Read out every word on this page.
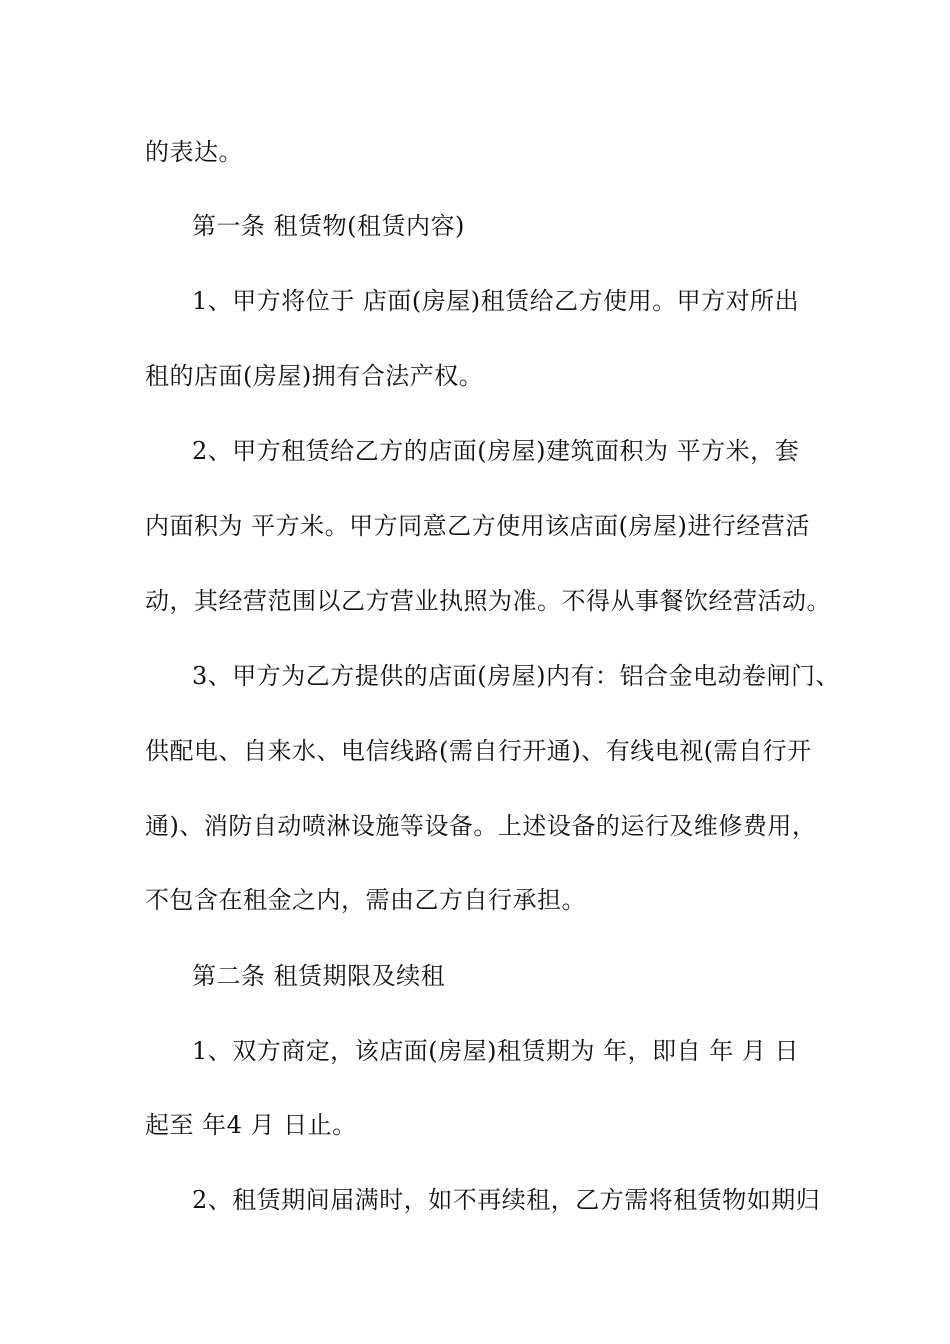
的表达。
第一条 租赁物(租赁内容)
1、甲方将位于 店面(房屋)租赁给乙方使用。甲方对所出
租的店面(房屋)拥有合法产权。
2、甲方租赁给乙方的店面(房屋)建筑面积为 平方米，套
内面积为 平方米。甲方同意乙方使用该店面(房屋)进行经营活
动，其经营范围以乙方营业执照为准。不得从事餐饮经营活动。
3、甲方为乙方提供的店面(房屋)内有：铝合金电动卷闸门、
供配电、自来水、电信线路(需自行开通)、有线电视(需自行开
通)、消防自动喷淋设施等设备。上述设备的运行及维修费用，
不包含在租金之内，需由乙方自行承担。
第二条 租赁期限及续租
1、双方商定，该店面(房屋)租赁期为 年，即自 年 月 日
起至 年4 月 日止。
2、租赁期间届满时，如不再续租，乙方需将租赁物如期归
